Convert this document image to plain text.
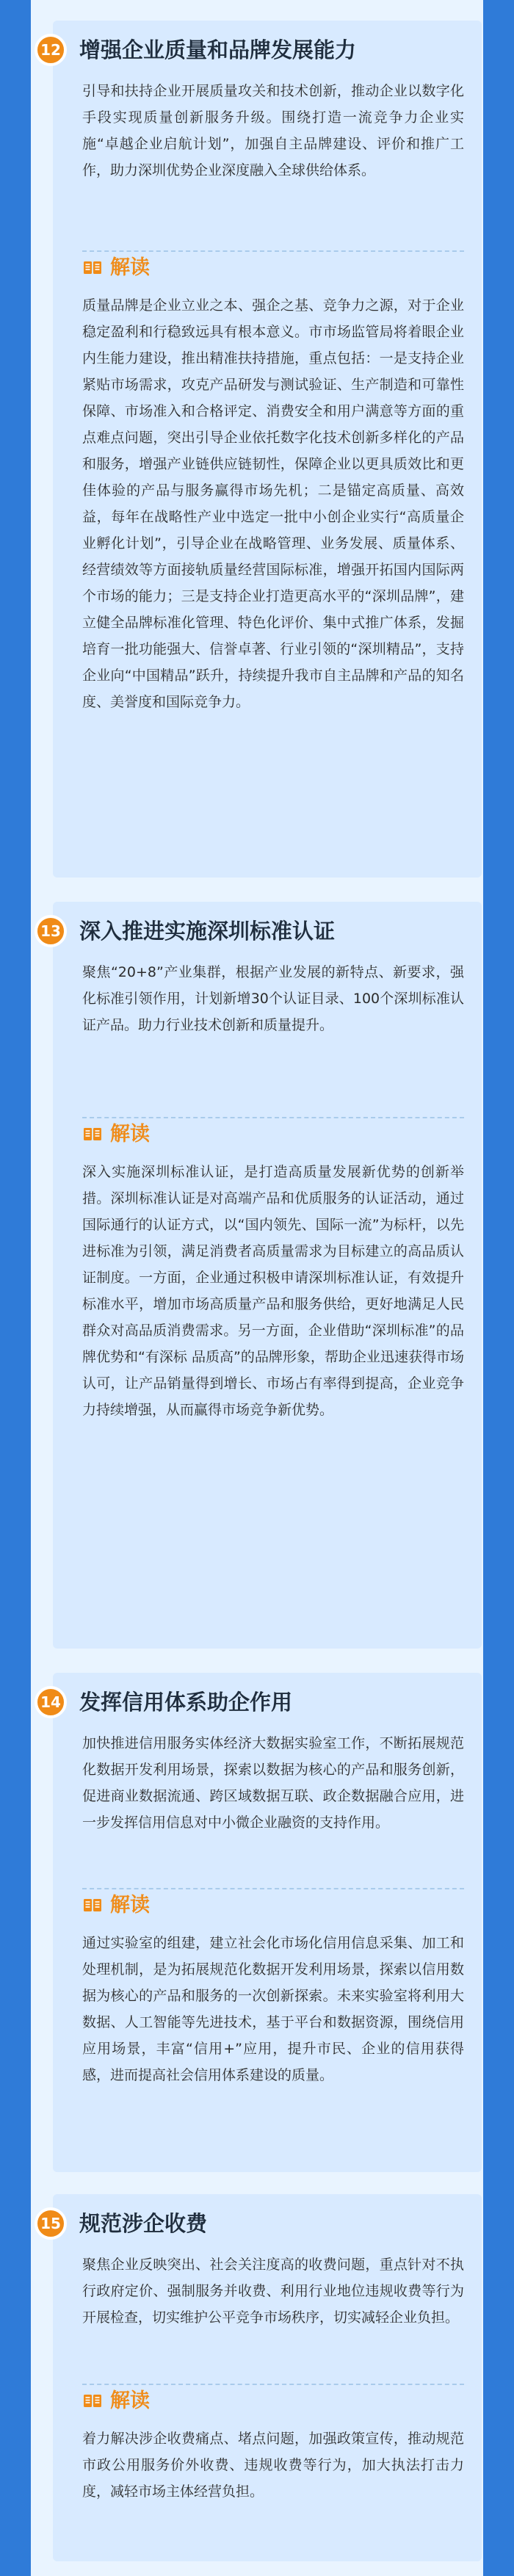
12 增强企业质量和品牌发展能力

引导和扶持企业开展质量攻关和技术创新，推动企业以数字化手段实现质量创新服务升级。围绕打造一流竞争力企业实施“卓越企业启航计划”，加强自主品牌建设、评价和推广工作，助力深圳优势企业深度融入全球供给体系。

解读

质量品牌是企业立业之本、强企之基、竞争力之源，对于企业稳定盈利和行稳致远具有根本意义。市市场监管局将着眼企业内生能力建设，推出精准扶持措施，重点包括：一是支持企业紧贴市场需求，攻克产品研发与测试验证、生产制造和可靠性保障、市场准入和合格评定、消费安全和用户满意等方面的重点难点问题，突出引导企业依托数字化技术创新多样化的产品和服务，增强产业链供应链韧性，保障企业以更具质效比和更佳体验的产品与服务赢得市场先机；二是锚定高质量、高效益，每年在战略性产业中选定一批中小创企业实行“高质量企业孵化计划”，引导企业在战略管理、业务发展、质量体系、经营绩效等方面接轨质量经营国际标准，增强开拓国内国际两个市场的能力；三是支持企业打造更高水平的“深圳品牌”，建立健全品牌标准化管理、特色化评价、集中式推广体系，发掘培育一批功能强大、信誉卓著、行业引领的“深圳精品”，支持企业向“中国精品”跃升，持续提升我市自主品牌和产品的知名度、美誉度和国际竞争力。

13 深入推进实施深圳标准认证

聚焦“20+8”产业集群，根据产业发展的新特点、新要求，强化标准引领作用，计划新增30个认证目录、100个深圳标准认证产品。助力行业技术创新和质量提升。

解读

深入实施深圳标准认证，是打造高质量发展新优势的创新举措。深圳标准认证是对高端产品和优质服务的认证活动，通过国际通行的认证方式，以“国内领先、国际一流”为标杆，以先进标准为引领，满足消费者高质量需求为目标建立的高品质认证制度。一方面，企业通过积极申请深圳标准认证，有效提升标准水平，增加市场高质量产品和服务供给，更好地满足人民群众对高品质消费需求。另一方面，企业借助“深圳标准”的品牌优势和“有深标 品质高”的品牌形象，帮助企业迅速获得市场认可，让产品销量得到增长、市场占有率得到提高，企业竞争力持续增强，从而赢得市场竞争新优势。

14 发挥信用体系助企作用

加快推进信用服务实体经济大数据实验室工作，不断拓展规范化数据开发利用场景，探索以数据为核心的产品和服务创新，促进商业数据流通、跨区域数据互联、政企数据融合应用，进一步发挥信用信息对中小微企业融资的支持作用。

解读

通过实验室的组建，建立社会化市场化信用信息采集、加工和处理机制，是为拓展规范化数据开发利用场景，探索以信用数据为核心的产品和服务的一次创新探索。未来实验室将利用大数据、人工智能等先进技术，基于平台和数据资源，围绕信用应用场景，丰富“信用+”应用，提升市民、企业的信用获得感，进而提高社会信用体系建设的质量。

15 规范涉企收费

聚焦企业反映突出、社会关注度高的收费问题，重点针对不执行政府定价、强制服务并收费、利用行业地位违规收费等行为开展检查，切实维护公平竞争市场秩序，切实减轻企业负担。

解读

着力解决涉企收费痛点、堵点问题，加强政策宣传，推动规范市政公用服务价外收费、违规收费等行为，加大执法打击力度，减轻市场主体经营负担。
